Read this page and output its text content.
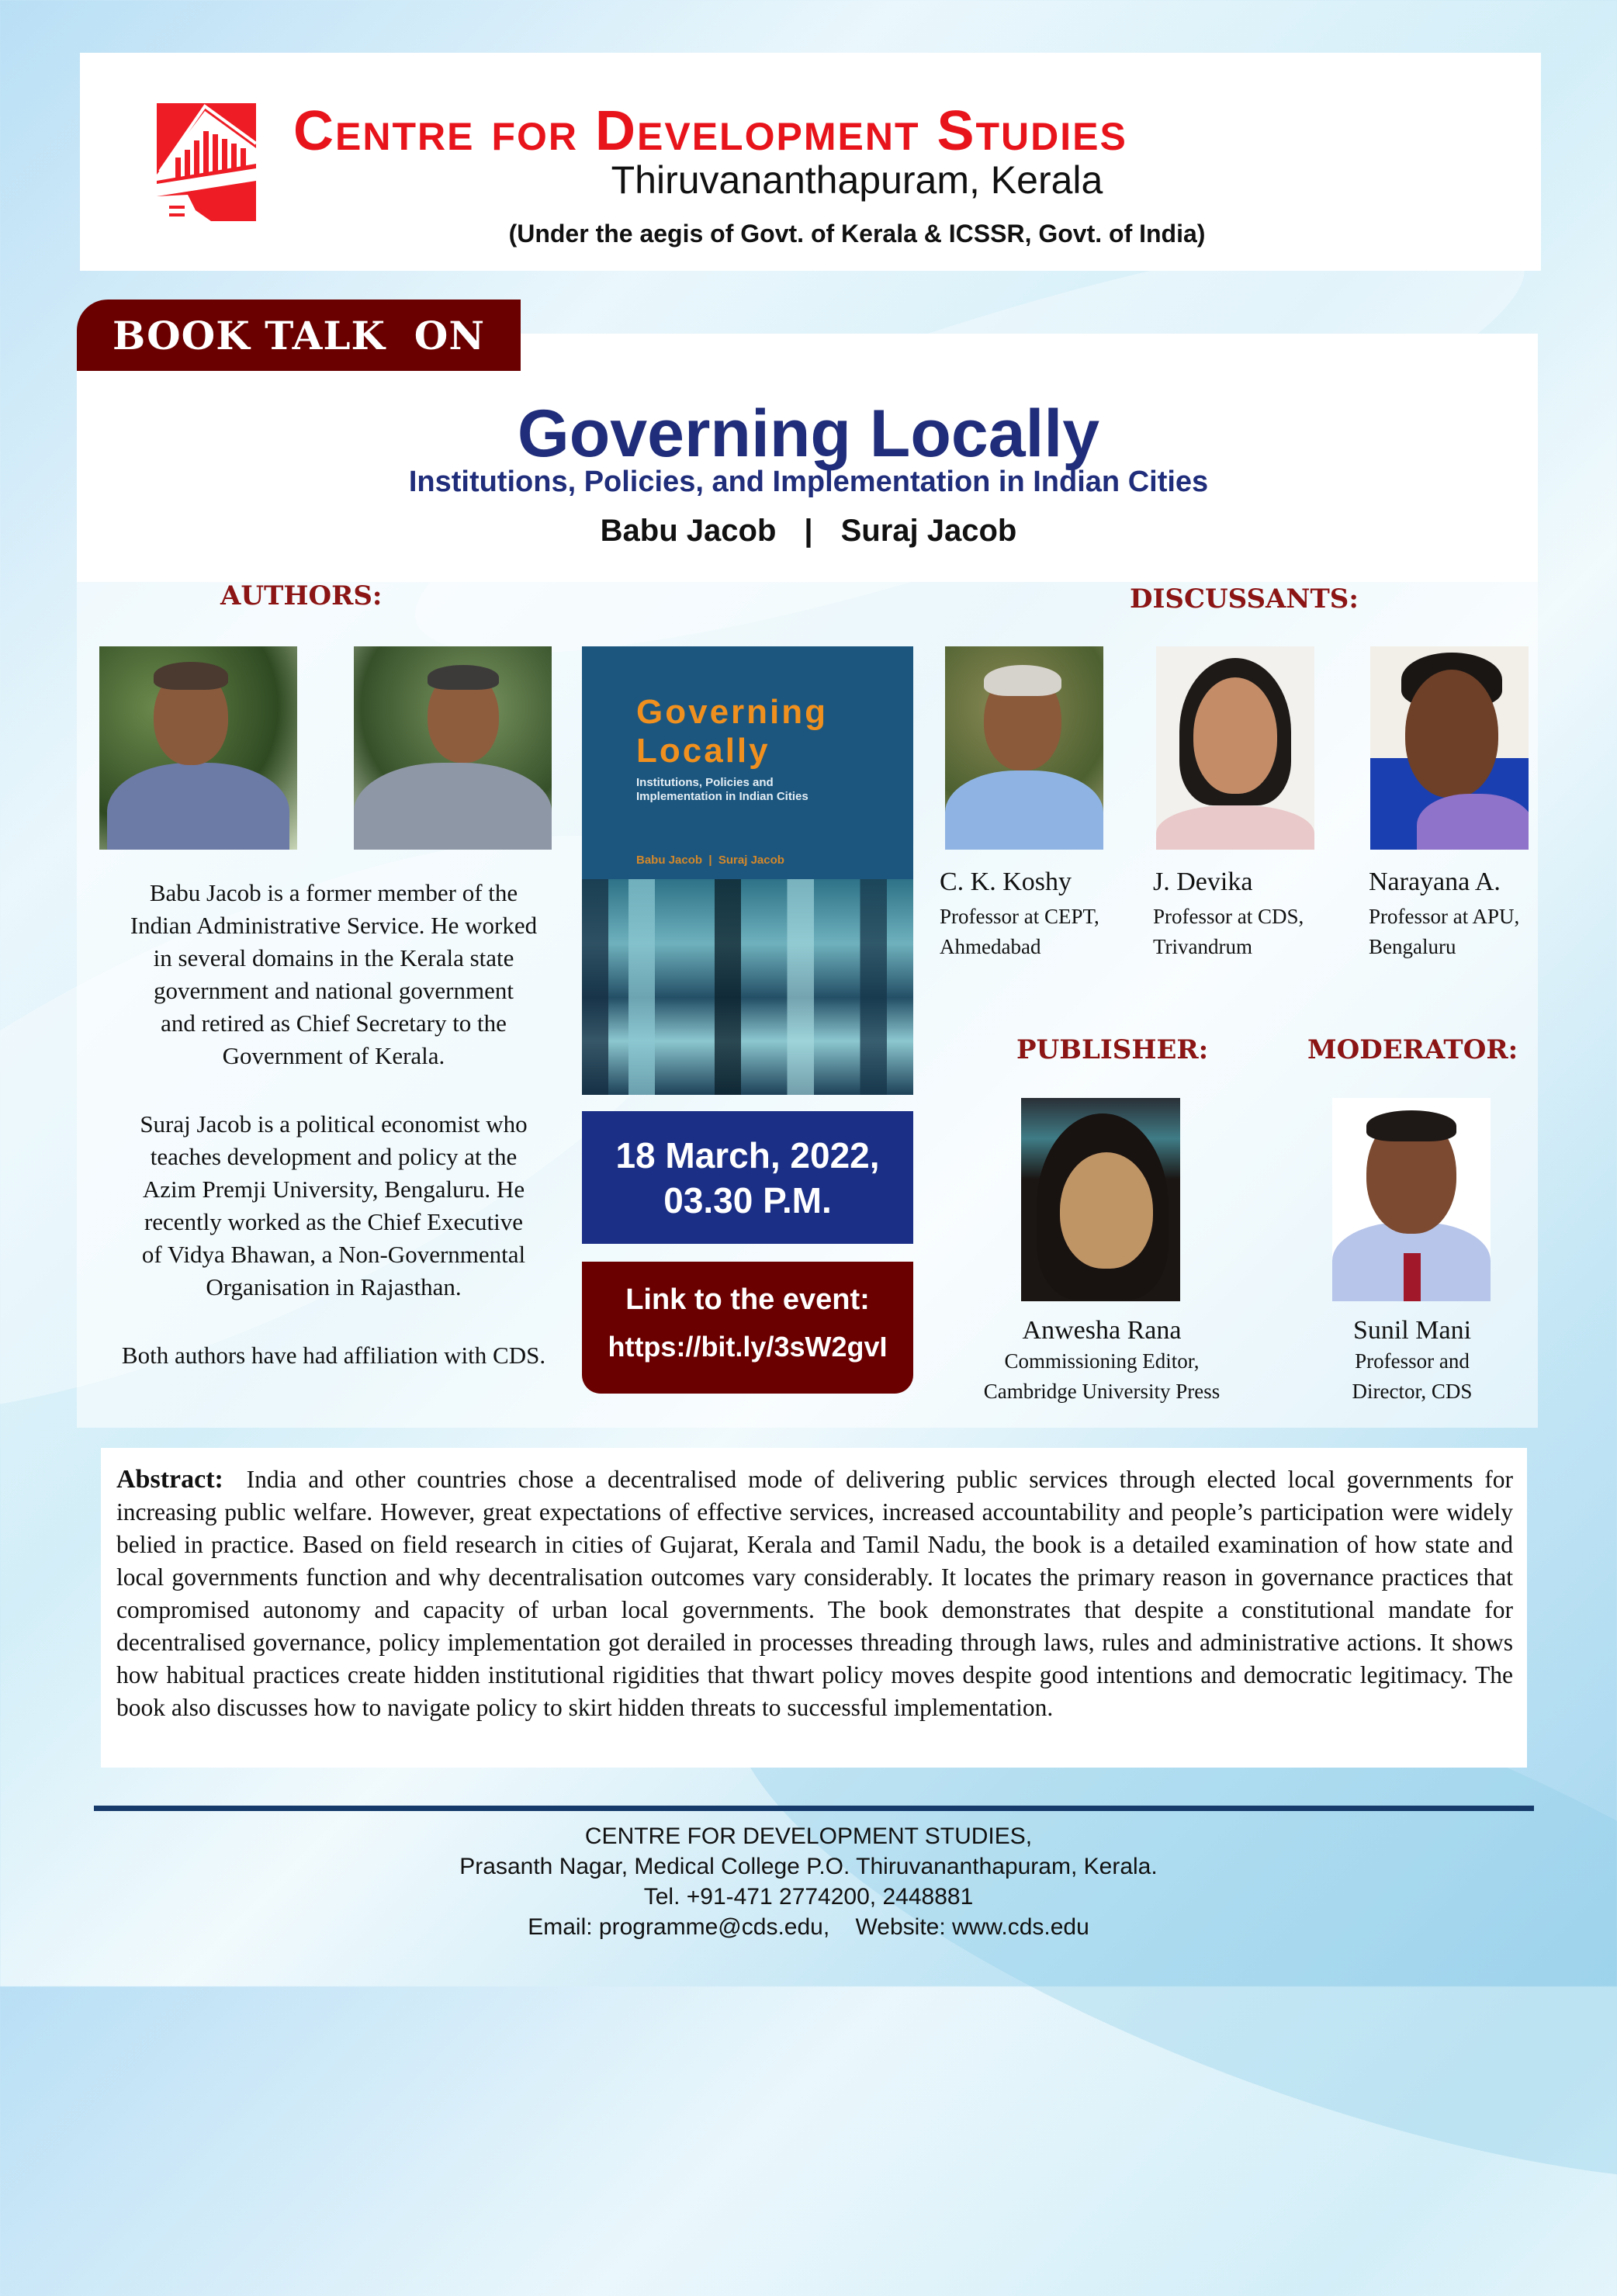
Centre for Development Studies
Thiruvananthapuram, Kerala
(Under the aegis of Govt. of Kerala & ICSSR, Govt. of India)
BOOK TALK  ON
Governing Locally
Institutions, Policies, and Implementation in Indian Cities
Babu Jacob | Suraj Jacob
AUTHORS:
Babu Jacob is a former member of the
Indian Administrative Service. He worked
in several domains in the Kerala state
government and national government
and retired as Chief Secretary to the
Government of Kerala.
Suraj Jacob is a political economist who
teaches development and policy at the
Azim Premji University, Bengaluru. He
recently worked as the Chief Executive
of Vidya Bhawan, a Non-Governmental
Organisation in Rajasthan.
Both authors have had affiliation with CDS.
Governing
Locally
Institutions, Policies and
Implementation in Indian Cities
Babu Jacob  |  Suraj Jacob
18 March, 2022,
03.30 P.M.
Link to the event:
https://bit.ly/3sW2gvI
DISCUSSANTS:
C. K. Koshy
Professor at CEPT,
Ahmedabad
J. Devika
Professor at CDS,
Trivandrum
Narayana A.
Professor at APU,
Bengaluru
PUBLISHER:
Anwesha Rana
Commissioning Editor,
Cambridge University Press
MODERATOR:
Sunil Mani
Professor and
Director, CDS
Abstract: India and other countries chose a decentralised mode of delivering public services through elected local governments for increasing public welfare. However, great expectations of effective services, increased accountability and people’s participation were widely belied in practice. Based on field research in cities of Gujarat, Kerala and Tamil Nadu, the book is a detailed examination of how state and local governments function and why decentralisation outcomes vary considerably. It locates the primary reason in governance practices that compromised autonomy and capacity of urban local governments. The book demonstrates that despite a constitutional mandate for decentralised governance, policy implementation got derailed in processes threading through laws, rules and administrative actions. It shows how habitual practices create hidden institutional rigidities that thwart policy moves despite good intentions and democratic legitimacy. The book also discusses how to navigate policy to skirt hidden threats to successful implementation.
CENTRE FOR DEVELOPMENT STUDIES,
Prasanth Nagar, Medical College P.O. Thiruvananthapuram, Kerala.
Tel. +91-471 2774200, 2448881
Email: programme@cds.edu, Website: www.cds.edu
